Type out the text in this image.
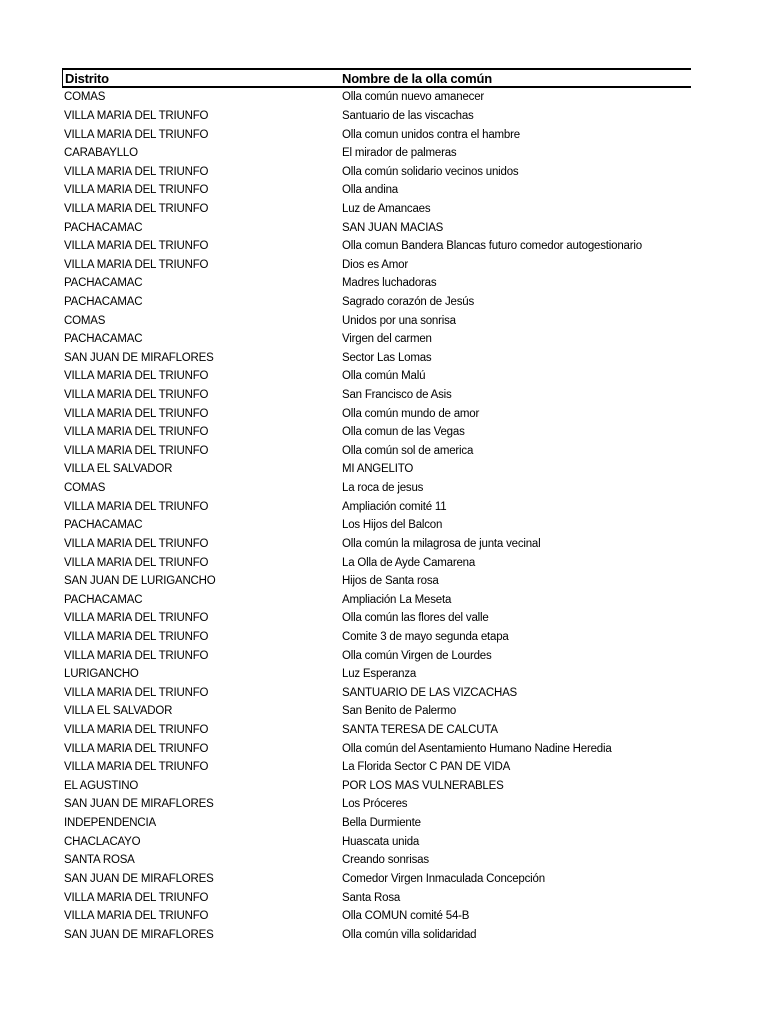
Distrito	Nombre de la olla común
COMAS	Olla común nuevo amanecer
VILLA MARIA DEL TRIUNFO	Santuario de las viscachas
VILLA MARIA DEL TRIUNFO	Olla comun unidos contra el hambre
CARABAYLLO	El mirador de palmeras
VILLA MARIA DEL TRIUNFO	Olla común solidario vecinos unidos
VILLA MARIA DEL TRIUNFO	Olla andina
VILLA MARIA DEL TRIUNFO	Luz de Amancaes
PACHACAMAC	SAN JUAN MACIAS
VILLA MARIA DEL TRIUNFO	Olla comun Bandera Blancas futuro comedor autogestionario
VILLA MARIA DEL TRIUNFO	Dios es Amor
PACHACAMAC	Madres luchadoras
PACHACAMAC	Sagrado corazón de Jesús
COMAS	Unidos por una sonrisa
PACHACAMAC	Virgen del carmen
SAN JUAN DE MIRAFLORES	Sector Las Lomas
VILLA MARIA DEL TRIUNFO	Olla común Malú
VILLA MARIA DEL TRIUNFO	San Francisco de Asis
VILLA MARIA DEL TRIUNFO	Olla común mundo de amor
VILLA MARIA DEL TRIUNFO	Olla comun de las Vegas
VILLA MARIA DEL TRIUNFO	Olla común sol de america
VILLA EL SALVADOR	MI ANGELITO
COMAS	La roca de jesus
VILLA MARIA DEL TRIUNFO	Ampliación comité 11
PACHACAMAC	Los Hijos del Balcon
VILLA MARIA DEL TRIUNFO	Olla común la milagrosa de junta vecinal
VILLA MARIA DEL TRIUNFO	La Olla de Ayde Camarena
SAN JUAN DE LURIGANCHO	Hijos de Santa rosa
PACHACAMAC	Ampliación La Meseta
VILLA MARIA DEL TRIUNFO	Olla común las flores del valle
VILLA MARIA DEL TRIUNFO	Comite 3 de mayo segunda etapa
VILLA MARIA DEL TRIUNFO	Olla común Virgen de Lourdes
LURIGANCHO	Luz Esperanza
VILLA MARIA DEL TRIUNFO	SANTUARIO DE LAS VIZCACHAS
VILLA EL SALVADOR	San Benito de Palermo
VILLA MARIA DEL TRIUNFO	SANTA TERESA DE CALCUTA
VILLA MARIA DEL TRIUNFO	Olla común del Asentamiento Humano Nadine Heredia
VILLA MARIA DEL TRIUNFO	La Florida Sector C PAN DE VIDA
EL AGUSTINO	POR LOS MÁS VULNERABLES
SAN JUAN DE MIRAFLORES	Los Próceres
INDEPENDENCIA	Bella Durmiente
CHACLACAYO	Huascata unida
SANTA ROSA	Creando sonrisas
SAN JUAN DE MIRAFLORES	Comedor Virgen Inmaculada Concepción
VILLA MARIA DEL TRIUNFO	Santa Rosa
VILLA MARIA DEL TRIUNFO	Olla COMÚN comité 54-B
SAN JUAN DE MIRAFLORES	Olla común villa solidaridad
